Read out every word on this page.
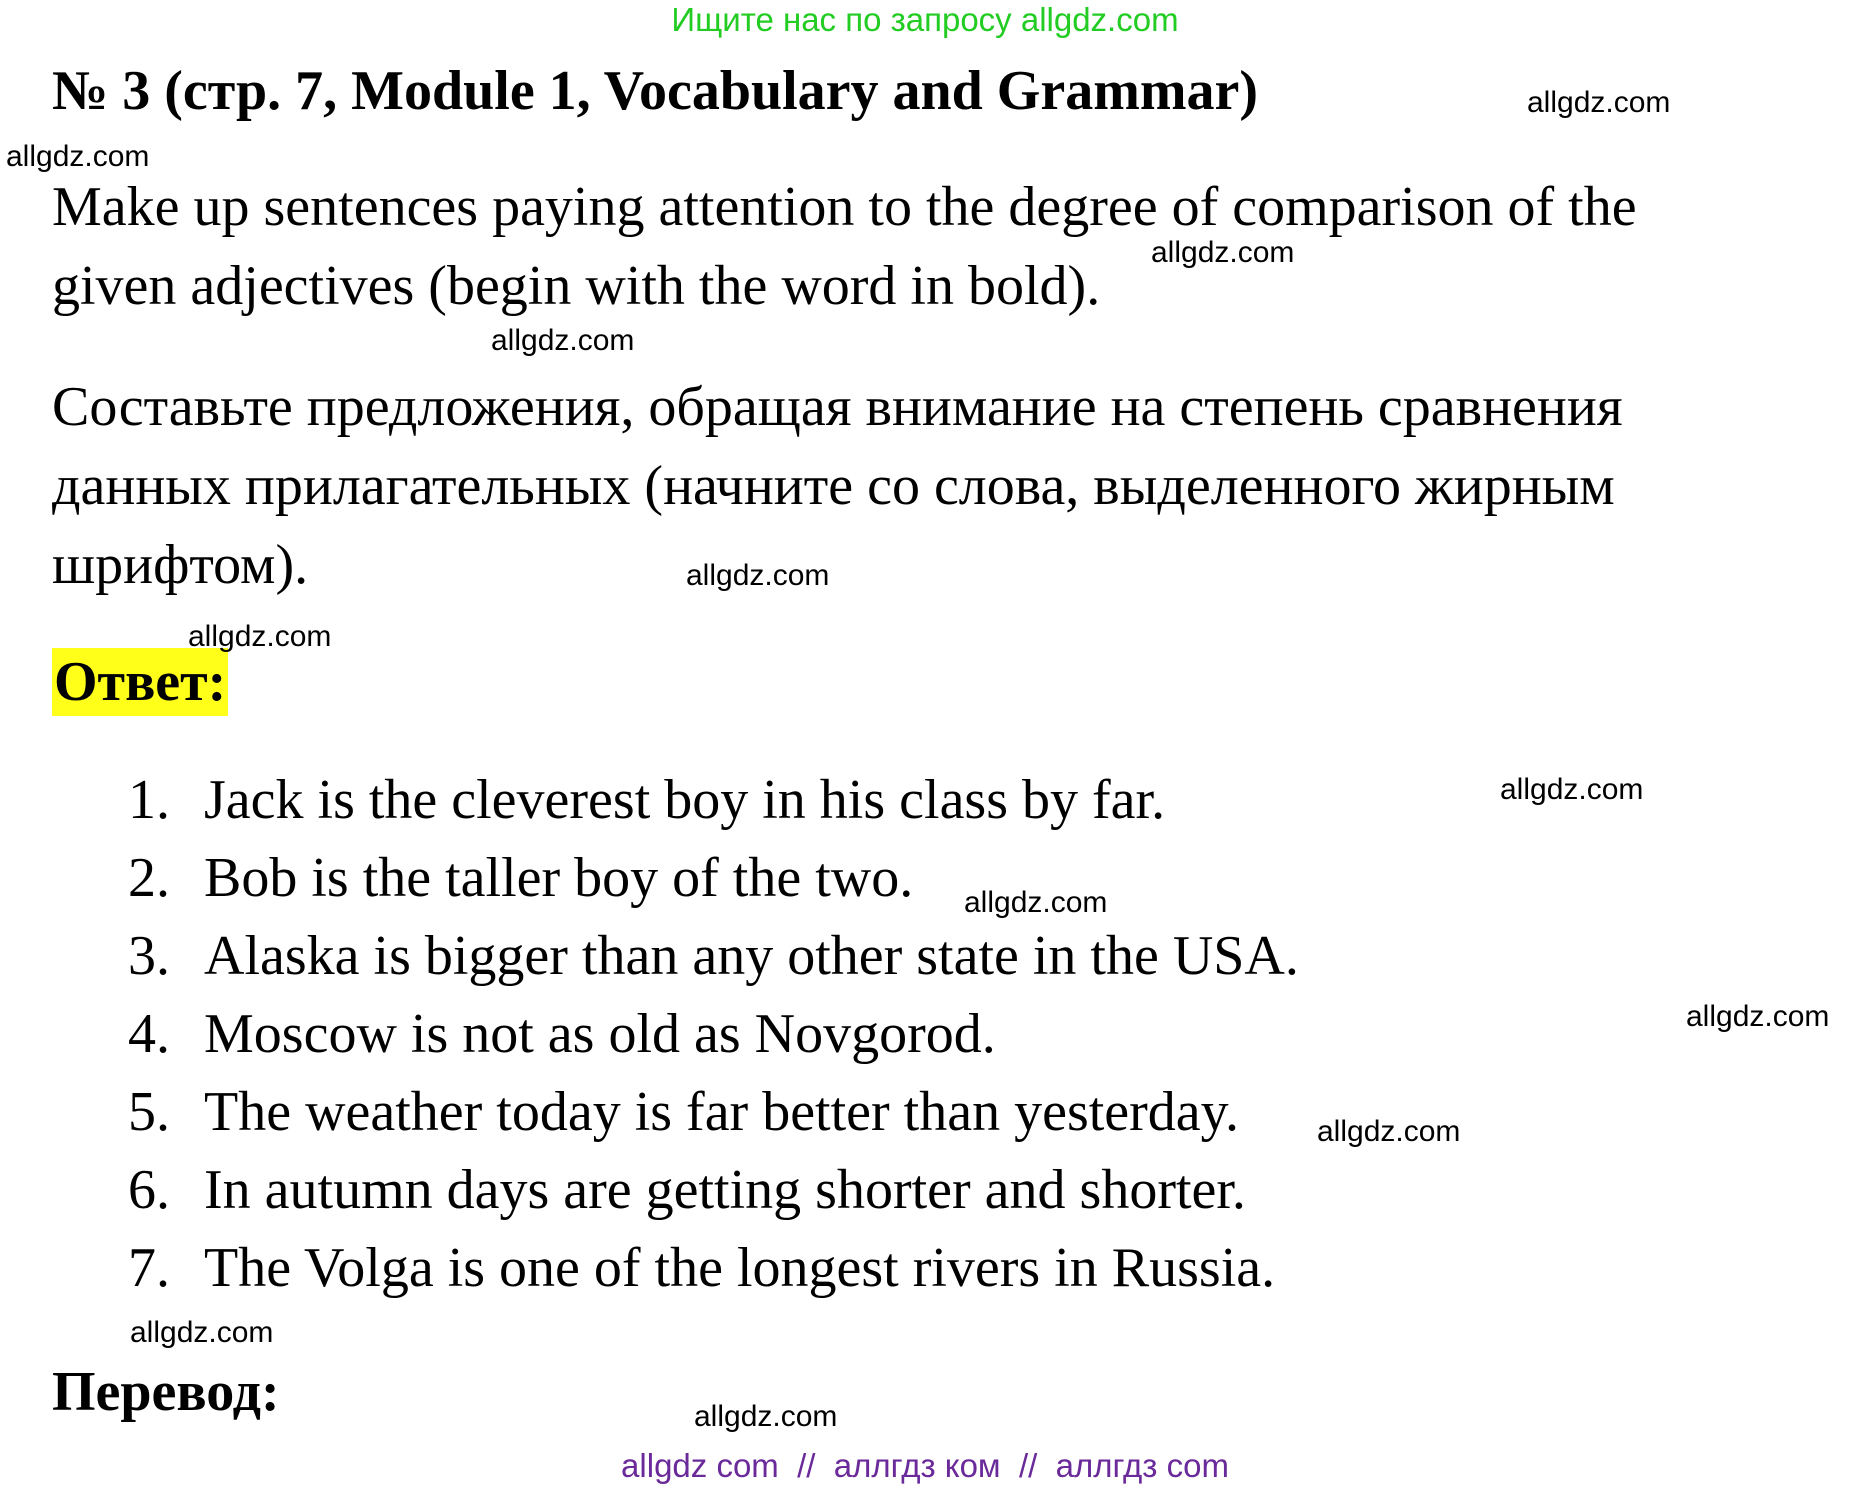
Ищите нас по запросу allgdz.com
№ 3 (стр. 7, Module 1, Vocabulary and Grammar)
Make up sentences paying attention to the degree of comparison of the given adjectives (begin with the word in bold).
Составьте предложения, обращая внимание на степень сравнения данных прилагательных (начните со слова, выделенного жирным шрифтом).
Ответ:
1. Jack is the cleverest boy in his class by far.
2. Bob is the taller boy of the two.
3. Alaska is bigger than any other state in the USA.
4. Moscow is not as old as Novgorod.
5. The weather today is far better than yesterday.
6. In autumn days are getting shorter and shorter.
7. The Volga is one of the longest rivers in Russia.
Перевод:
allgdz.com
allgdz.com
allgdz.com
allgdz.com
allgdz.com
allgdz.com
allgdz.com
allgdz.com
allgdz.com
allgdz.com
allgdz.com
allgdz.com
allgdz com  //  аллгдз ком  //  аллгдз com
